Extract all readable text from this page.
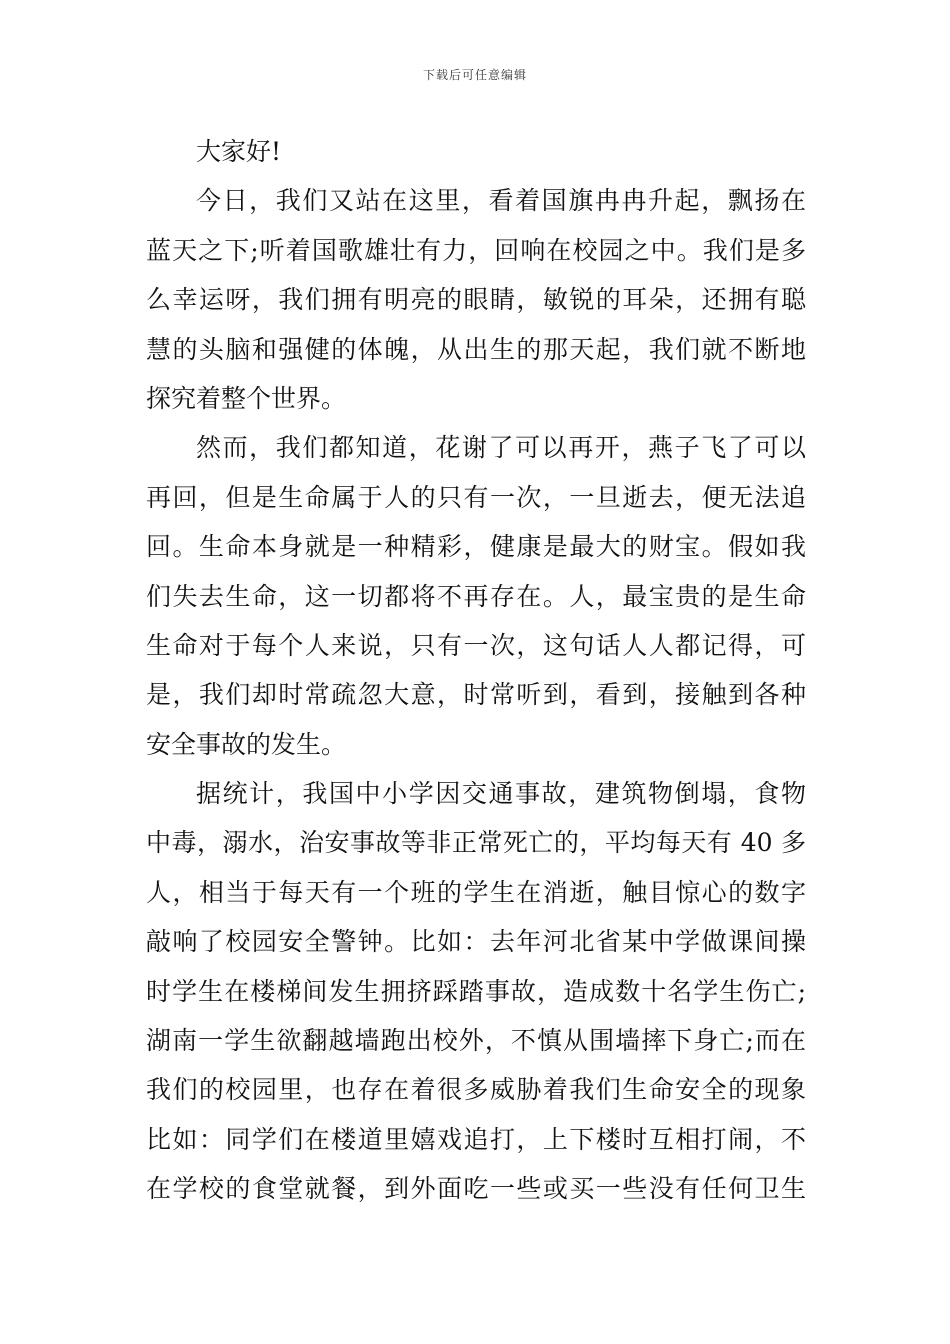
下载后可任意编辑
大家好!
今日，我们又站在这里，看着国旗冉冉升起，飘扬在
蓝天之下;听着国歌雄壮有力，回响在校园之中。我们是多
么幸运呀，我们拥有明亮的眼睛，敏锐的耳朵，还拥有聪
慧的头脑和强健的体魄，从出生的那天起，我们就不断地
探究着整个世界。
然而，我们都知道，花谢了可以再开，燕子飞了可以
再回，但是生命属于人的只有一次，一旦逝去，便无法追
回。生命本身就是一种精彩，健康是最大的财宝。假如我
们失去生命，这一切都将不再存在。人，最宝贵的是生命
生命对于每个人来说，只有一次，这句话人人都记得，可
是，我们却时常疏忽大意，时常听到，看到，接触到各种
安全事故的发生。
据统计，我国中小学因交通事故，建筑物倒塌，食物
中毒，溺水，治安事故等非正常死亡的，平均每天有 40 多
人，相当于每天有一个班的学生在消逝，触目惊心的数字
敲响了校园安全警钟。比如：去年河北省某中学做课间操
时学生在楼梯间发生拥挤踩踏事故，造成数十名学生伤亡;
湖南一学生欲翻越墙跑出校外，不慎从围墙摔下身亡;而在
我们的校园里，也存在着很多威胁着我们生命安全的现象
比如：同学们在楼道里嬉戏追打，上下楼时互相打闹，不
在学校的食堂就餐，到外面吃一些或买一些没有任何卫生
